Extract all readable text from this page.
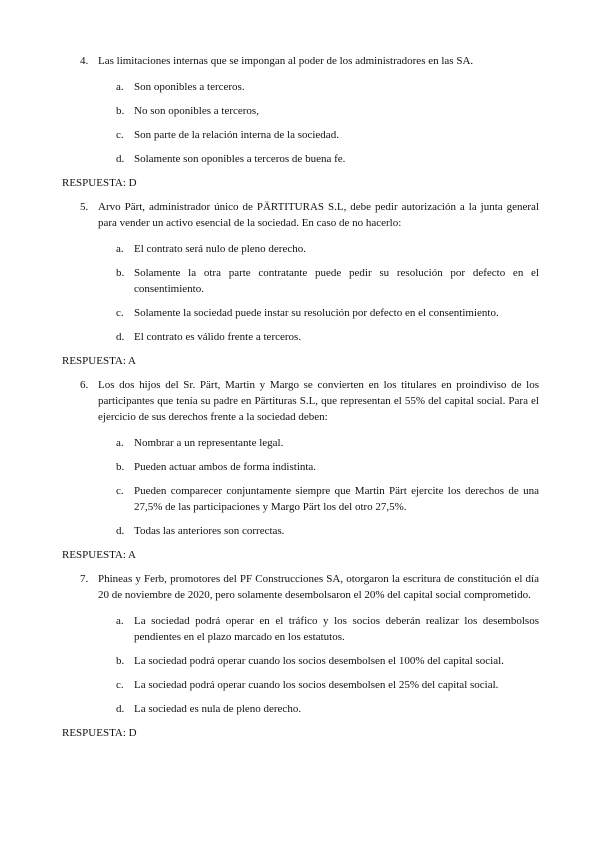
4. Las limitaciones internas que se impongan al poder de los administradores en las SA.
a. Son oponibles a terceros.
b. No son oponibles a terceros,
c. Son parte de la relación interna de la sociedad.
d. Solamente son oponibles a terceros de buena fe.
RESPUESTA: D
5. Arvo Pärt, administrador único de PÄRTITURAS S.L, debe pedir autorización a la junta general para vender un activo esencial de la sociedad. En caso de no hacerlo:
a. El contrato será nulo de pleno derecho.
b. Solamente la otra parte contratante puede pedir su resolución por defecto en el consentimiento.
c. Solamente la sociedad puede instar su resolución por defecto en el consentimiento.
d. El contrato es válido frente a terceros.
RESPUESTA: A
6. Los dos hijos del Sr. Pärt, Martin y Margo se convierten en los titulares en proindiviso de los participantes que tenía su padre en Pärtituras S.L, que representan el 55% del capital social. Para el ejercicio de sus derechos frente a la sociedad deben:
a. Nombrar a un representante legal.
b. Pueden actuar ambos de forma indistinta.
c. Pueden comparecer conjuntamente siempre que Martin Pärt ejercite los derechos de una 27,5% de las participaciones y Margo Pärt los del otro 27,5%.
d. Todas las anteriores son correctas.
RESPUESTA: A
7. Phineas y Ferb, promotores del PF Construcciones SA, otorgaron la escritura de constitución el día 20 de noviembre de 2020, pero solamente desembolsaron el 20% del capital social comprometido.
a. La sociedad podrá operar en el tráfico y los socios deberán realizar los desembolsos pendientes en el plazo marcado en los estatutos.
b. La sociedad podrá operar cuando los socios desembolsen el 100% del capital social.
c. La sociedad podrá operar cuando los socios desembolsen el 25% del capital social.
d. La sociedad es nula de pleno derecho.
RESPUESTA: D
